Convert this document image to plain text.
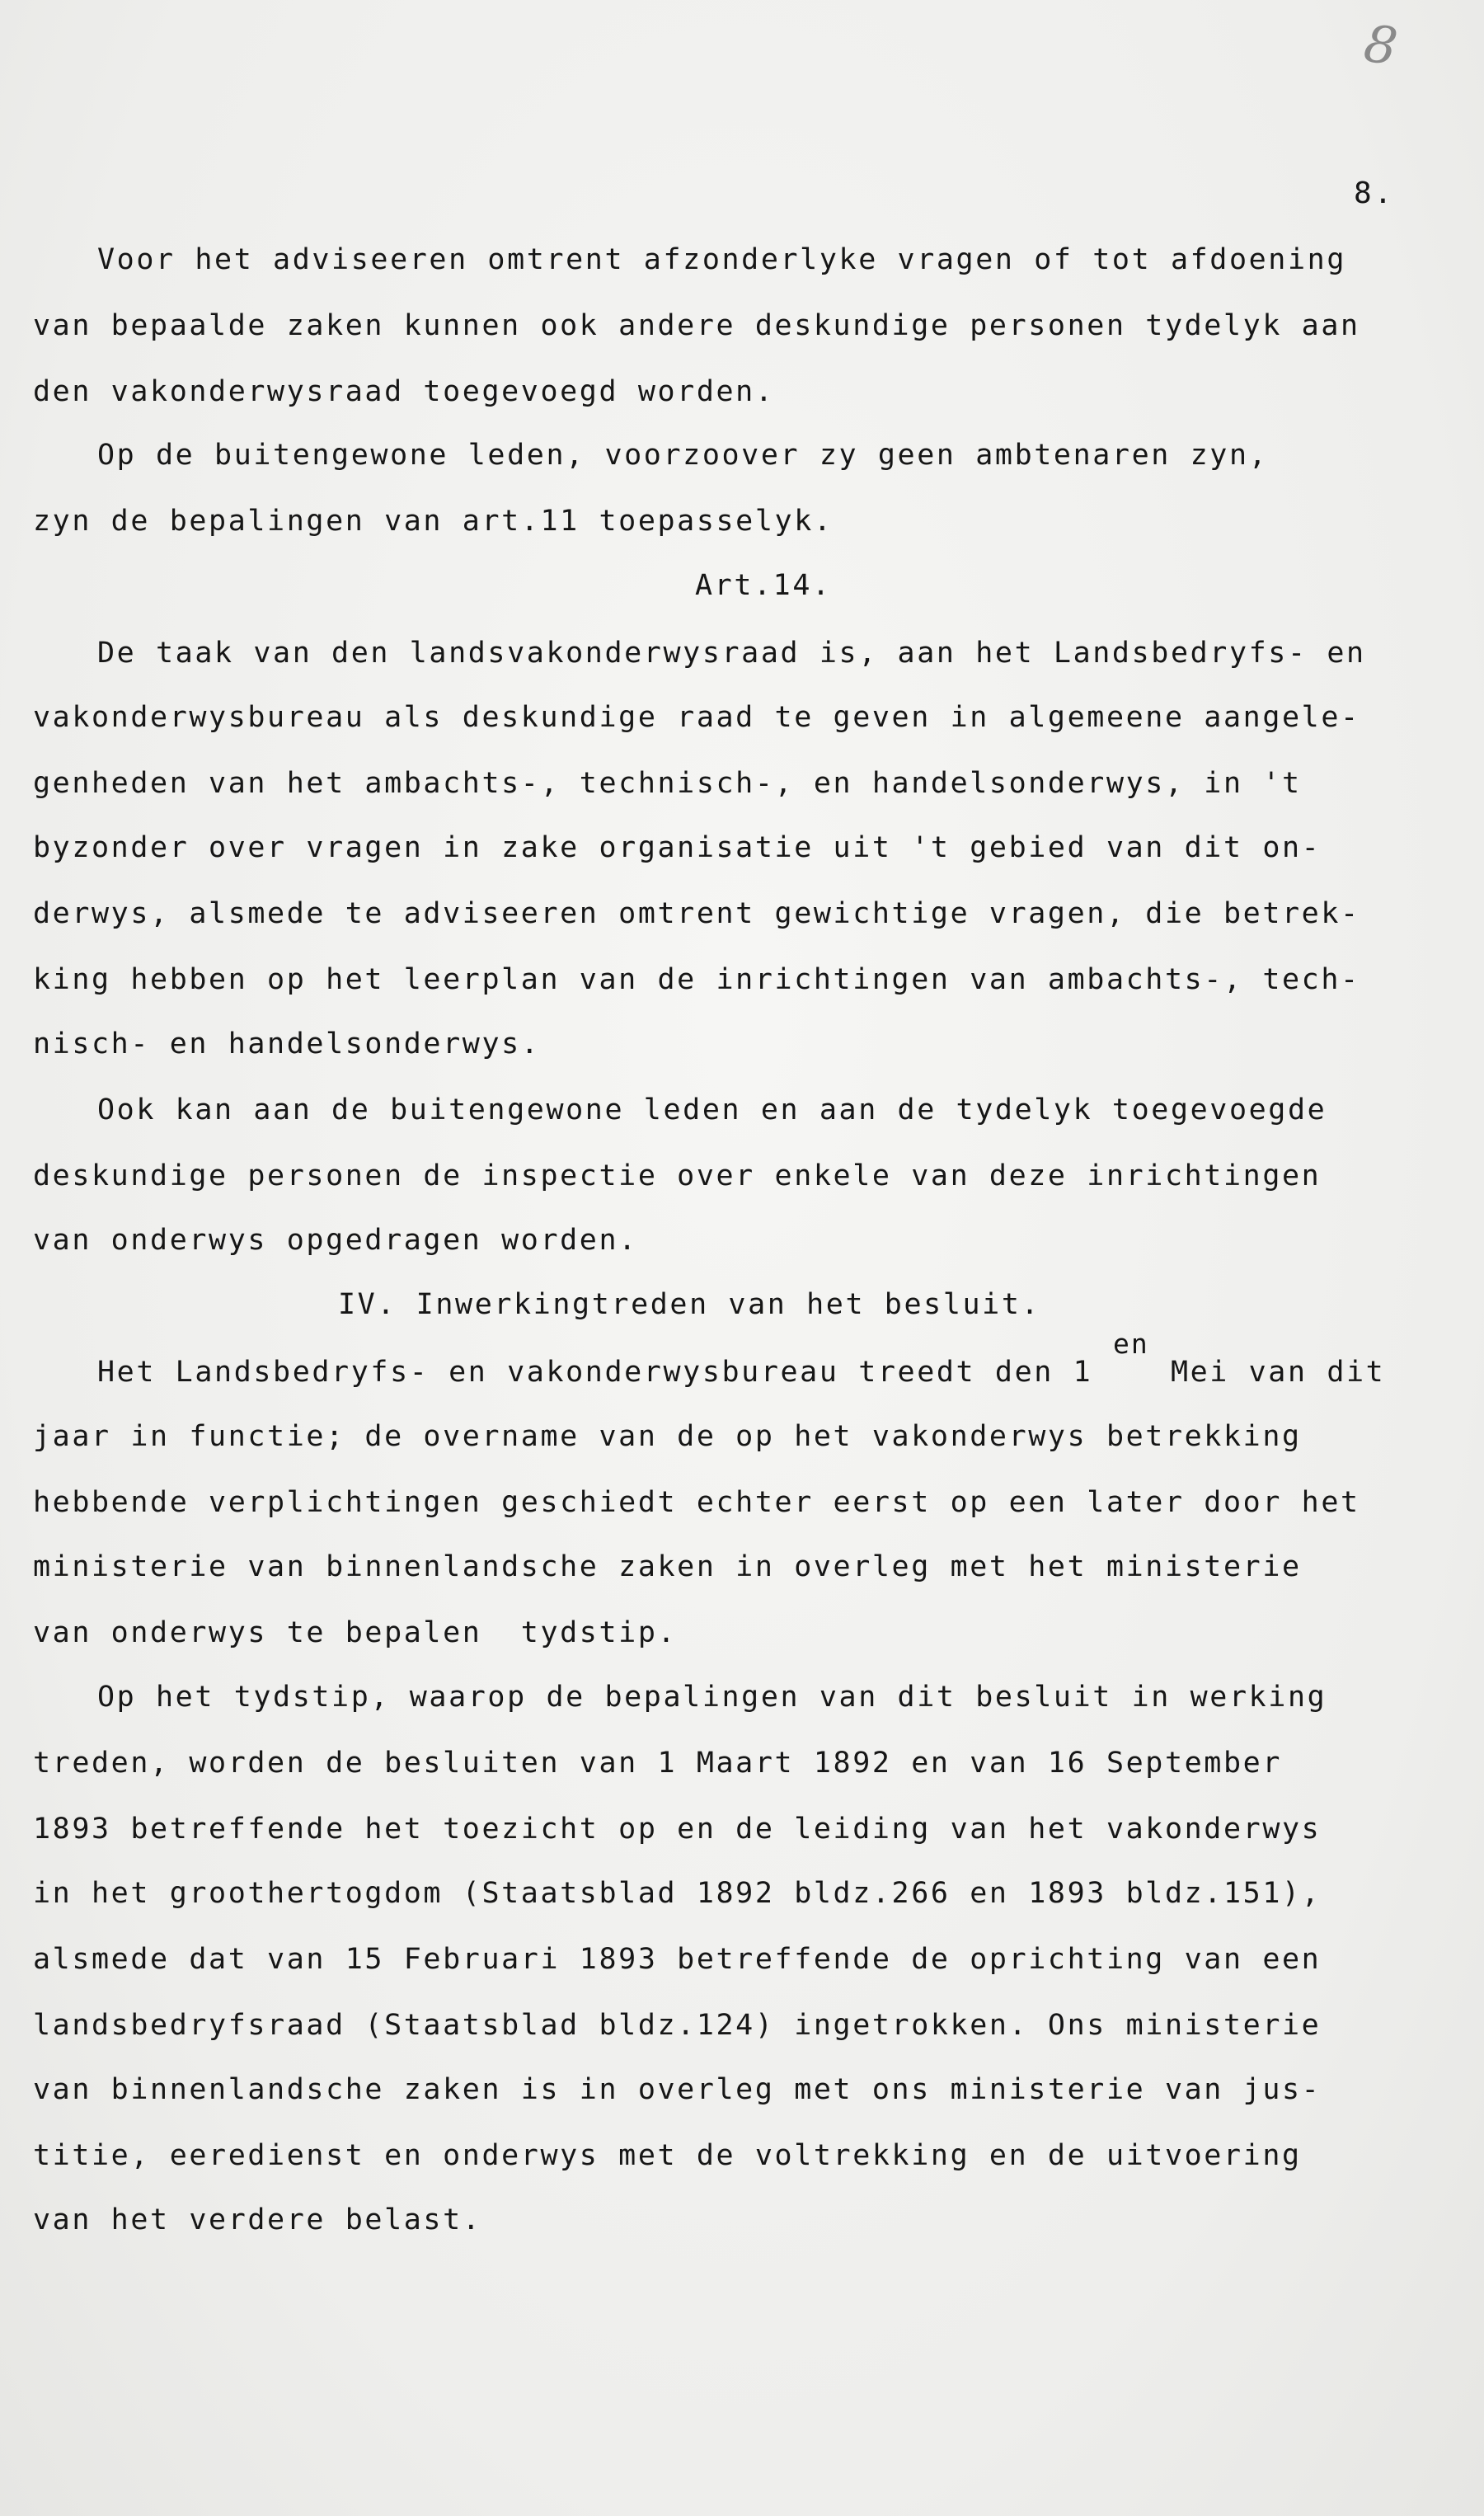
8
8.
Voor het adviseeren omtrent afzonderlyke vragen of tot afdoening
van bepaalde zaken kunnen ook andere deskundige personen tydelyk aan
den vakonderwysraad toegevoegd worden.
Op de buitengewone leden, voorzoover zy geen ambtenaren zyn,
zyn de bepalingen van art.11 toepasselyk.
Art.14.
De taak van den landsvakonderwysraad is, aan het Landsbedryfs- en
vakonderwysbureau als deskundige raad te geven in algemeene aangele-
genheden van het ambachts-, technisch-, en handelsonderwys, in 't
byzonder over vragen in zake organisatie uit 't gebied van dit on-
derwys, alsmede te adviseeren omtrent gewichtige vragen, die betrek-
king hebben op het leerplan van de inrichtingen van ambachts-, tech-
nisch- en handelsonderwys.
Ook kan aan de buitengewone leden en aan de tydelyk toegevoegde
deskundige personen de inspectie over enkele van deze inrichtingen
van onderwys opgedragen worden.
IV. Inwerkingtreden van het besluit.
en
Het Landsbedryfs- en vakonderwysbureau treedt den 1    Mei van dit
jaar in functie; de overname van de op het vakonderwys betrekking
hebbende verplichtingen geschiedt echter eerst op een later door het
ministerie van binnenlandsche zaken in overleg met het ministerie
van onderwys te bepalen  tydstip.
Op het tydstip, waarop de bepalingen van dit besluit in werking
treden, worden de besluiten van 1 Maart 1892 en van 16 September
1893 betreffende het toezicht op en de leiding van het vakonderwys
in het groothertogdom (Staatsblad 1892 bldz.266 en 1893 bldz.151),
alsmede dat van 15 Februari 1893 betreffende de oprichting van een
landsbedryfsraad (Staatsblad bldz.124) ingetrokken. Ons ministerie
van binnenlandsche zaken is in overleg met ons ministerie van jus-
titie, eeredienst en onderwys met de voltrekking en de uitvoering
van het verdere belast.
